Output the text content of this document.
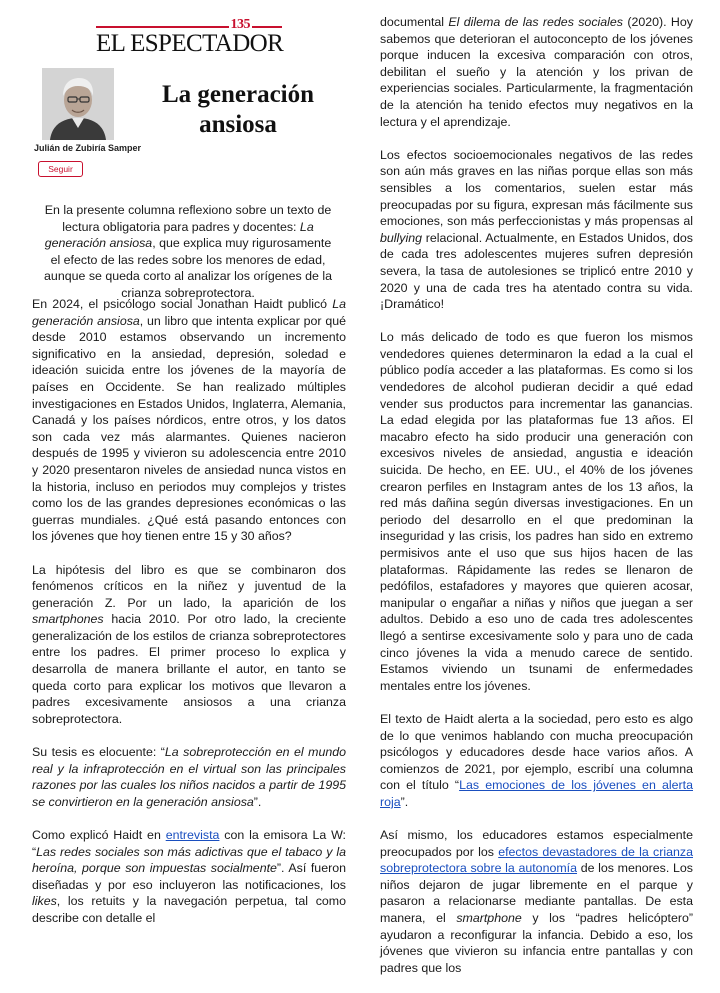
135
EL ESPECTADOR
Julián de Zubiría Samper
Seguir
La generación ansiosa

En la presente columna reflexiono sobre un texto de lectura obligatoria para padres y docentes: La generación ansiosa, que explica muy rigurosamente el efecto de las redes sobre los menores de edad, aunque se queda corto al analizar los orígenes de la crianza sobreprotectora.

En 2024, el psicólogo social Jonathan Haidt publicó La generación ansiosa, un libro que intenta explicar por qué desde 2010 estamos observando un incremento significativo en la ansiedad, depresión, soledad e ideación suicida entre los jóvenes de la mayoría de países en Occidente. Se han realizado múltiples investigaciones en Estados Unidos, Inglaterra, Alemania, Canadá y los países nórdicos, entre otros, y los datos son cada vez más alarmantes. Quienes nacieron después de 1995 y vivieron su adolescencia entre 2010 y 2020 presentaron niveles de ansiedad nunca vistos en la historia, incluso en periodos muy complejos y tristes como los de las grandes depresiones económicas o las guerras mundiales. ¿Qué está pasando entonces con los jóvenes que hoy tienen entre 15 y 30 años?

La hipótesis del libro es que se combinaron dos fenómenos críticos en la niñez y juventud de la generación Z. Por un lado, la aparición de los smartphones hacia 2010. Por otro lado, la creciente generalización de los estilos de crianza sobreprotectores entre los padres. El primer proceso lo explica y desarrolla de manera brillante el autor, en tanto se queda corto para explicar los motivos que llevaron a padres excesivamente ansiosos a una crianza sobreprotectora.

Su tesis es elocuente: “La sobreprotección en el mundo real y la infraprotección en el virtual son las principales razones por las cuales los niños nacidos a partir de 1995 se convirtieron en la generación ansiosa”.

Como explicó Haidt en entrevista con la emisora La W: “Las redes sociales son más adictivas que el tabaco y la heroína, porque son impuestas socialmente”. Así fueron diseñadas y por eso incluyeron las notificaciones, los likes, los retuits y la navegación perpetua, tal como describe con detalle el

documental El dilema de las redes sociales (2020). Hoy sabemos que deterioran el autoconcepto de los jóvenes porque inducen la excesiva comparación con otros, debilitan el sueño y la atención y los privan de experiencias sociales. Particularmente, la fragmentación de la atención ha tenido efectos muy negativos en la lectura y el aprendizaje.

Los efectos socioemocionales negativos de las redes son aún más graves en las niñas porque ellas son más sensibles a los comentarios, suelen estar más preocupadas por su figura, expresan más fácilmente sus emociones, son más perfeccionistas y más propensas al bullying relacional. Actualmente, en Estados Unidos, dos de cada tres adolescentes mujeres sufren depresión severa, la tasa de autolesiones se triplicó entre 2010 y 2020 y una de cada tres ha atentado contra su vida. ¡Dramático!

Lo más delicado de todo es que fueron los mismos vendedores quienes determinaron la edad a la cual el público podía acceder a las plataformas. Es como si los vendedores de alcohol pudieran decidir a qué edad vender sus productos para incrementar las ganancias. La edad elegida por las plataformas fue 13 años. El macabro efecto ha sido producir una generación con excesivos niveles de ansiedad, angustia e ideación suicida. De hecho, en EE. UU., el 40% de los jóvenes crearon perfiles en Instagram antes de los 13 años, la red más dañina según diversas investigaciones. En un periodo del desarrollo en el que predominan la inseguridad y las crisis, los padres han sido en extremo permisivos ante el uso que sus hijos hacen de las plataformas. Rápidamente las redes se llenaron de pedófilos, estafadores y mayores que quieren acosar, manipular o engañar a niñas y niños que juegan a ser adultos. Debido a eso uno de cada tres adolescentes llegó a sentirse excesivamente solo y para uno de cada cinco jóvenes la vida a menudo carece de sentido. Estamos viviendo un tsunami de enfermedades mentales entre los jóvenes.

El texto de Haidt alerta a la sociedad, pero esto es algo de lo que venimos hablando con mucha preocupación psicólogos y educadores desde hace varios años. A comienzos de 2021, por ejemplo, escribí una columna con el título “Las emociones de los jóvenes en alerta roja”.

Así mismo, los educadores estamos especialmente preocupados por los efectos devastadores de la crianza sobreprotectora sobre la autonomía de los menores. Los niños dejaron de jugar libremente en el parque y pasaron a relacionarse mediante pantallas. De esta manera, el smartphone y los “padres helicóptero” ayudaron a reconfigurar la infancia. Debido a eso, los jóvenes que vivieron su infancia entre pantallas y con padres que los
